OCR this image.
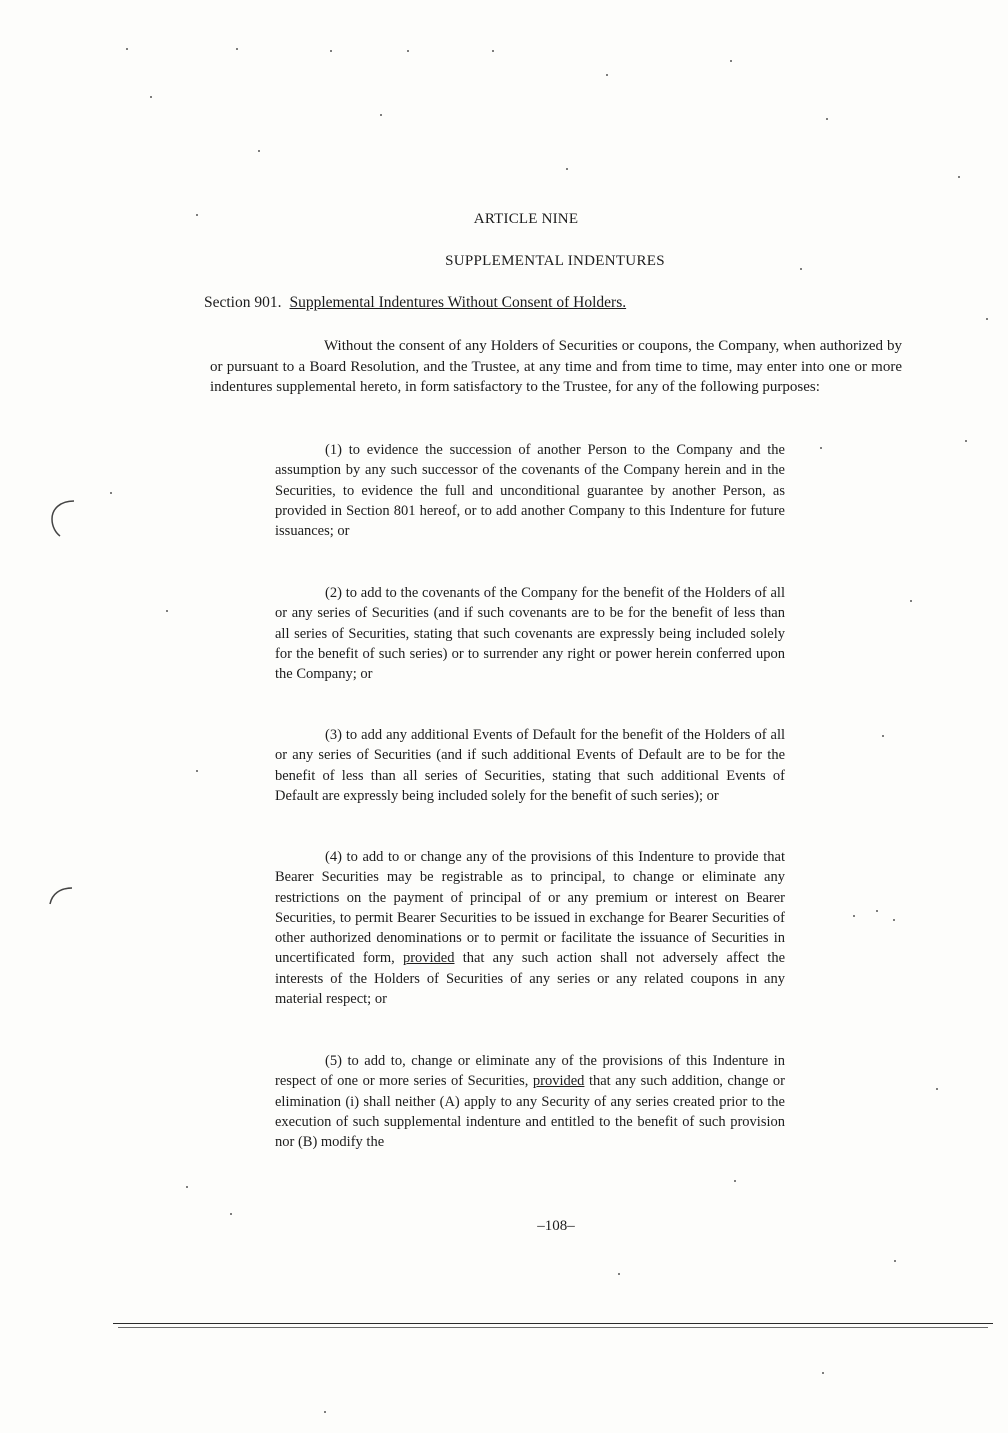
ARTICLE NINE
SUPPLEMENTAL INDENTURES
Section 901. Supplemental Indentures Without Consent of Holders.
Without the consent of any Holders of Securities or coupons, the Company, when authorized by or pursuant to a Board Resolution, and the Trustee, at any time and from time to time, may enter into one or more indentures supplemental hereto, in form satisfactory to the Trustee, for any of the following purposes:
(1) to evidence the succession of another Person to the Company and the assumption by any such successor of the covenants of the Company herein and in the Securities, to evidence the full and unconditional guarantee by another Person, as provided in Section 801 hereof, or to add another Company to this Indenture for future issuances; or
(2) to add to the covenants of the Company for the benefit of the Holders of all or any series of Securities (and if such covenants are to be for the benefit of less than all series of Securities, stating that such covenants are expressly being included solely for the benefit of such series) or to surrender any right or power herein conferred upon the Company; or
(3) to add any additional Events of Default for the benefit of the Holders of all or any series of Securities (and if such additional Events of Default are to be for the benefit of less than all series of Securities, stating that such additional Events of Default are expressly being included solely for the benefit of such series); or
(4) to add to or change any of the provisions of this Indenture to provide that Bearer Securities may be registrable as to principal, to change or eliminate any restrictions on the payment of principal of or any premium or interest on Bearer Securities, to permit Bearer Securities to be issued in exchange for Bearer Securities of other authorized denominations or to permit or facilitate the issuance of Securities in uncertificated form, provided that any such action shall not adversely affect the interests of the Holders of Securities of any series or any related coupons in any material respect; or
(5) to add to, change or eliminate any of the provisions of this Indenture in respect of one or more series of Securities, provided that any such addition, change or elimination (i) shall neither (A) apply to any Security of any series created prior to the execution of such supplemental indenture and entitled to the benefit of such provision nor (B) modify the
–108–
